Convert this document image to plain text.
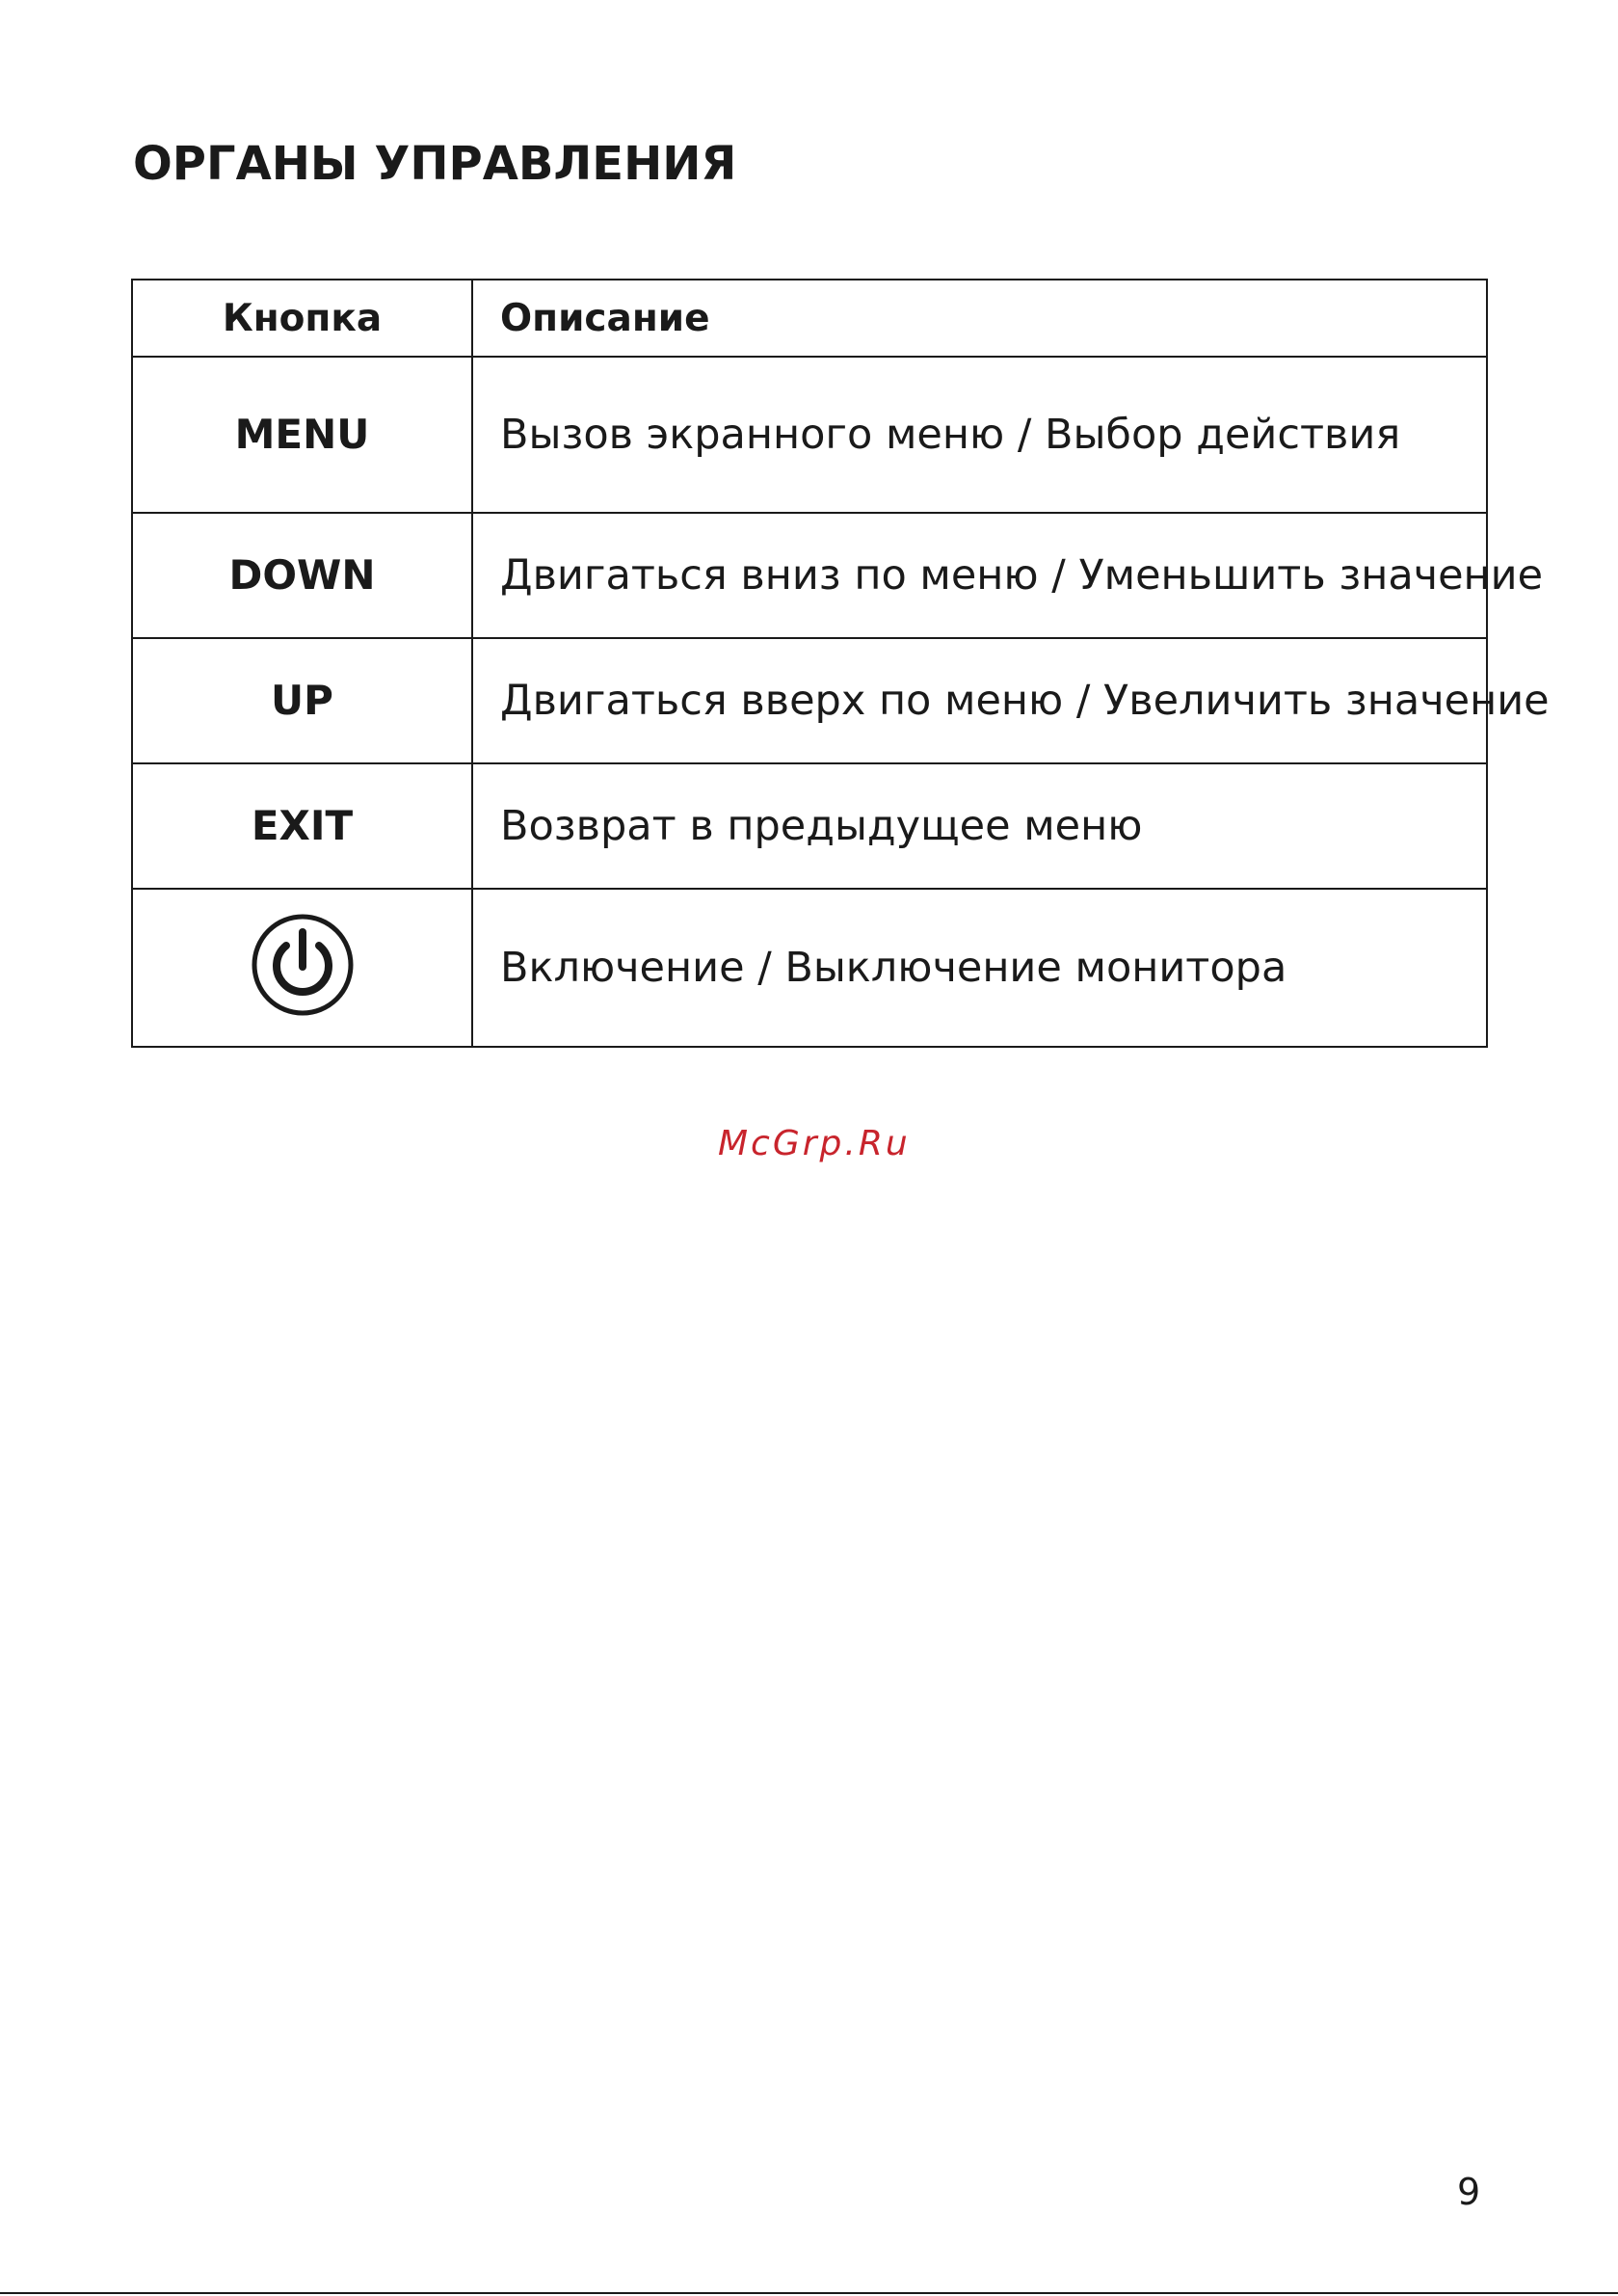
ОРГАНЫ УПРАВЛЕНИЯ
Кнопка	Описание
MENU	Вызов экранного меню / Выбор действия
DOWN	Двигаться вниз по меню / Уменьшить значение
UP	Двигаться вверх по меню / Увеличить значение
EXIT	Возврат в предыдущее меню
	Включение / Выключение монитора
McGrp.Ru
9
